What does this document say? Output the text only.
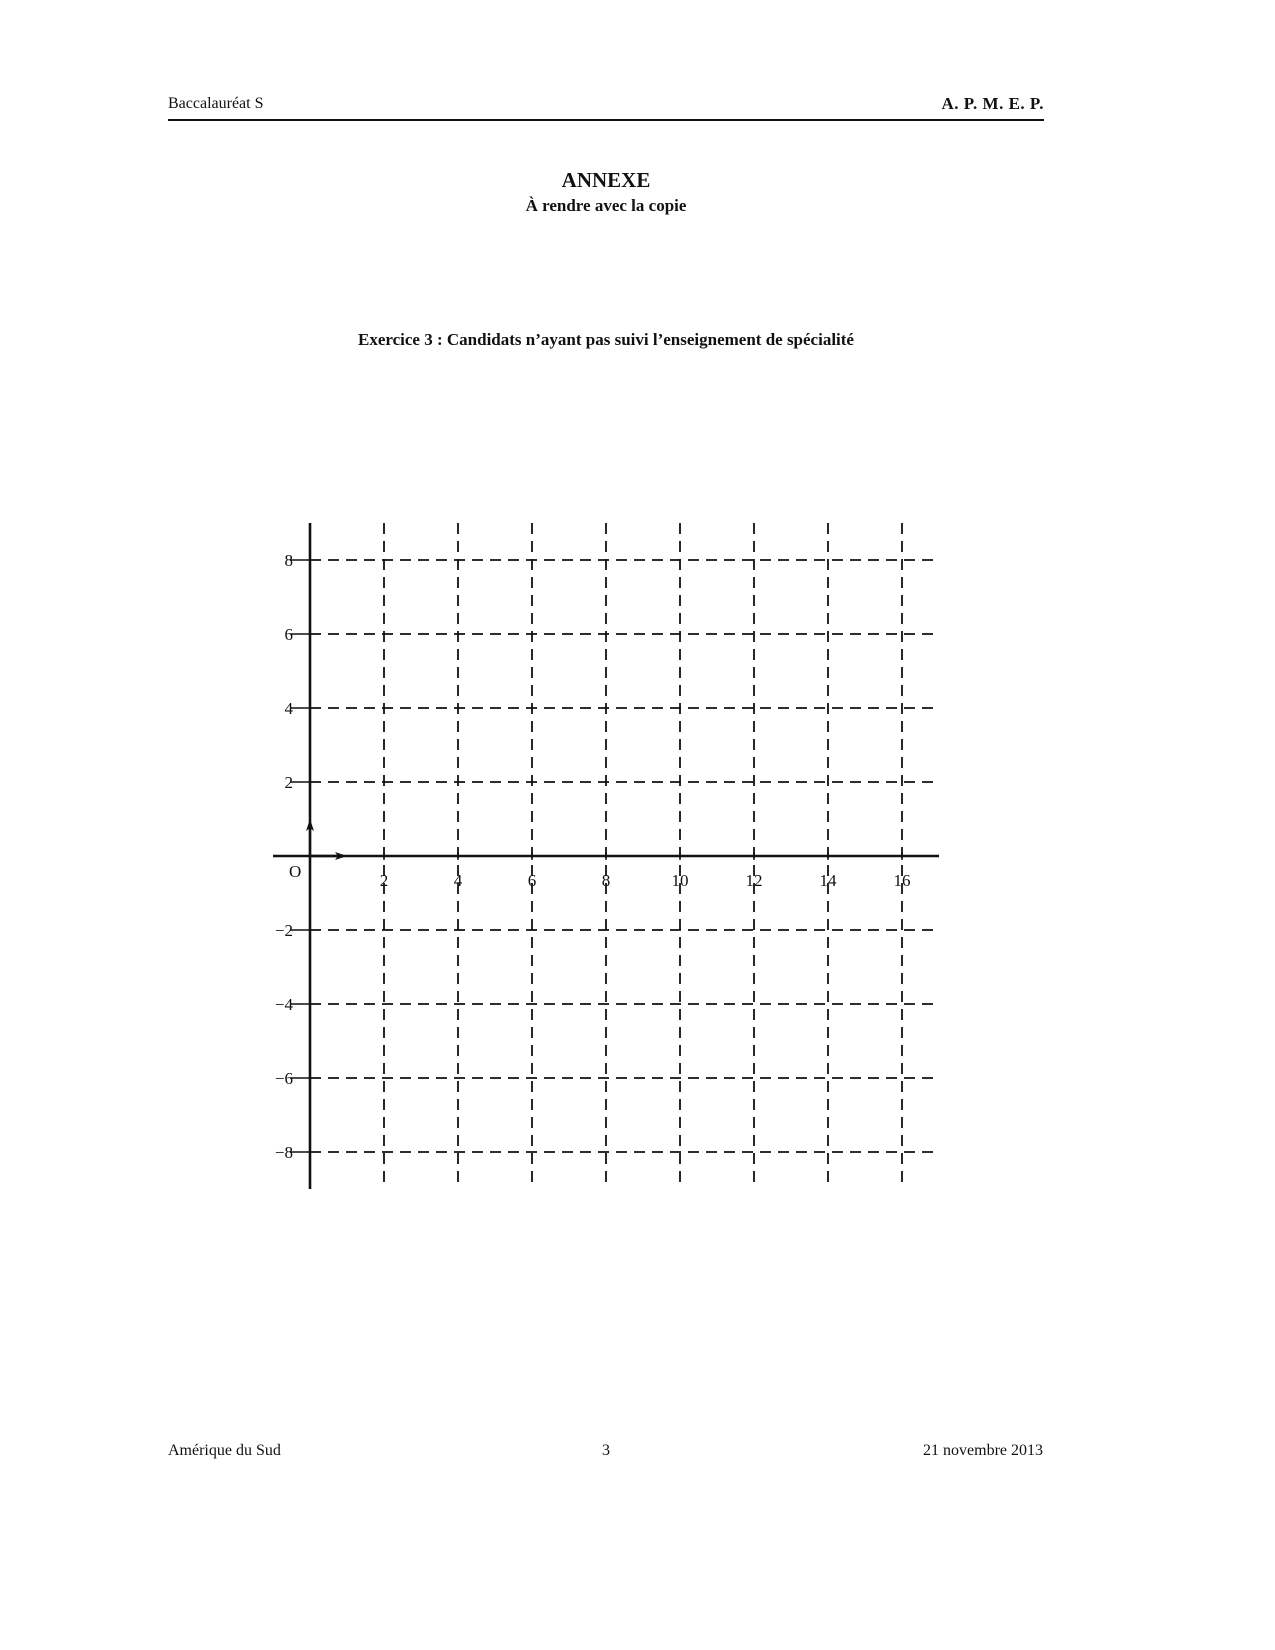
Baccalauréat S	A. P. M. E. P.
ANNEXE
À rendre avec la copie
Exercice 3 : Candidats n’ayant pas suivi l’enseignement de spécialité
O	2	4	6	8	10	12	14	16
8
6
4
2
−2
−4
−6
−8
Amérique du Sud	3	21 novembre 2013
